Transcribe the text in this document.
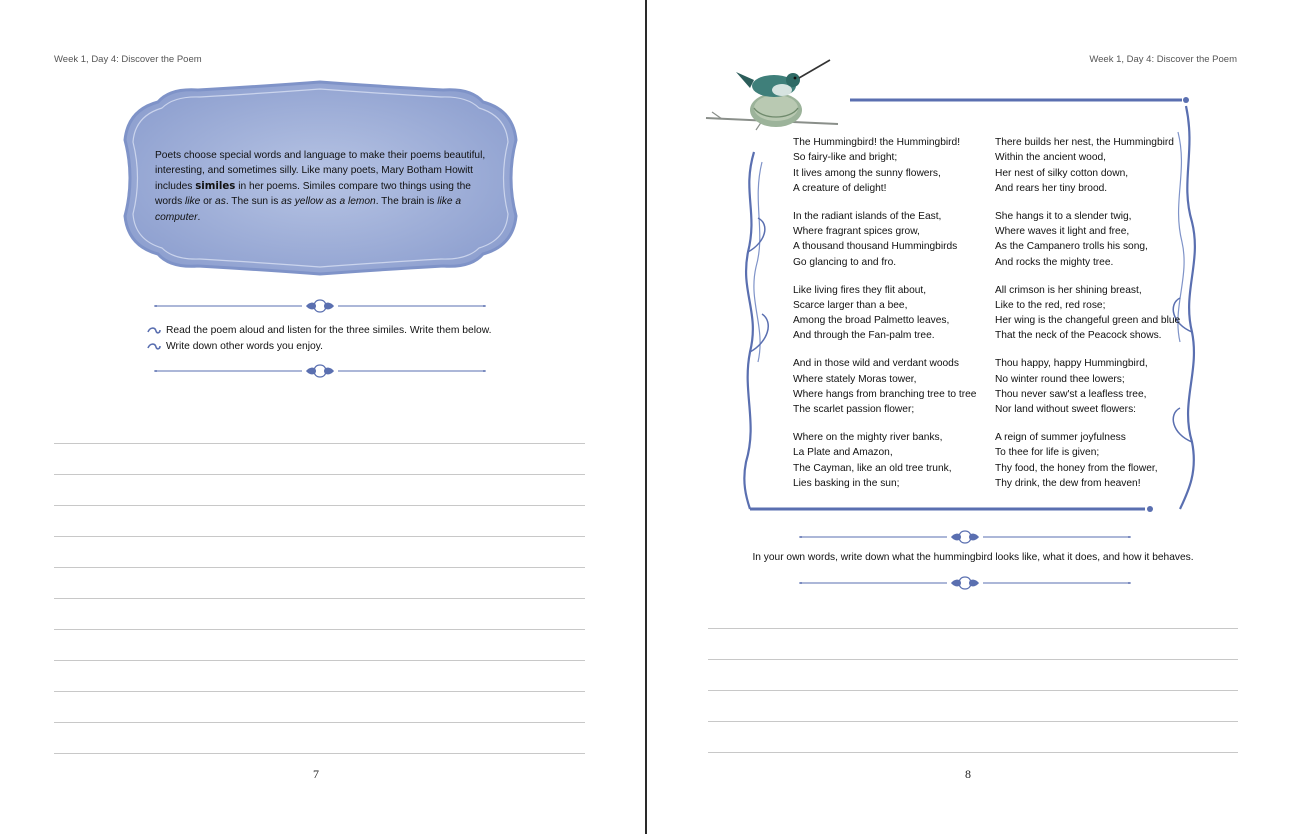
Week 1, Day 4: Discover the Poem
Poets choose special words and language to make their poems beautiful, interesting, and sometimes silly. Like many poets, Mary Botham Howitt includes similes in her poems. Similes compare two things using the words like or as. The sun is as yellow as a lemon. The brain is like a computer.
Read the poem aloud and listen for the three similes. Write them below.
Write down other words you enjoy.
7
Week 1, Day 4: Discover the Poem
The Hummingbird! the Hummingbird!
So fairy-like and bright;
It lives among the sunny flowers,
A creature of delight!
In the radiant islands of the East,
Where fragrant spices grow,
A thousand thousand Hummingbirds
Go glancing to and fro.
Like living fires they flit about,
Scarce larger than a bee,
Among the broad Palmetto leaves,
And through the Fan-palm tree.
And in those wild and verdant woods
Where stately Moras tower,
Where hangs from branching tree to tree
The scarlet passion flower;
Where on the mighty river banks,
La Plate and Amazon,
The Cayman, like an old tree trunk,
Lies basking in the sun;
There builds her nest, the Hummingbird
Within the ancient wood,
Her nest of silky cotton down,
And rears her tiny brood.
She hangs it to a slender twig,
Where waves it light and free,
As the Campanero trolls his song,
And rocks the mighty tree.
All crimson is her shining breast,
Like to the red, red rose;
Her wing is the changeful green and blue
That the neck of the Peacock shows.
Thou happy, happy Hummingbird,
No winter round thee lowers;
Thou never saw'st a leafless tree,
Nor land without sweet flowers:
A reign of summer joyfulness
To thee for life is given;
Thy food, the honey from the flower,
Thy drink, the dew from heaven!
In your own words, write down what the hummingbird looks like, what it does, and how it behaves.
8
